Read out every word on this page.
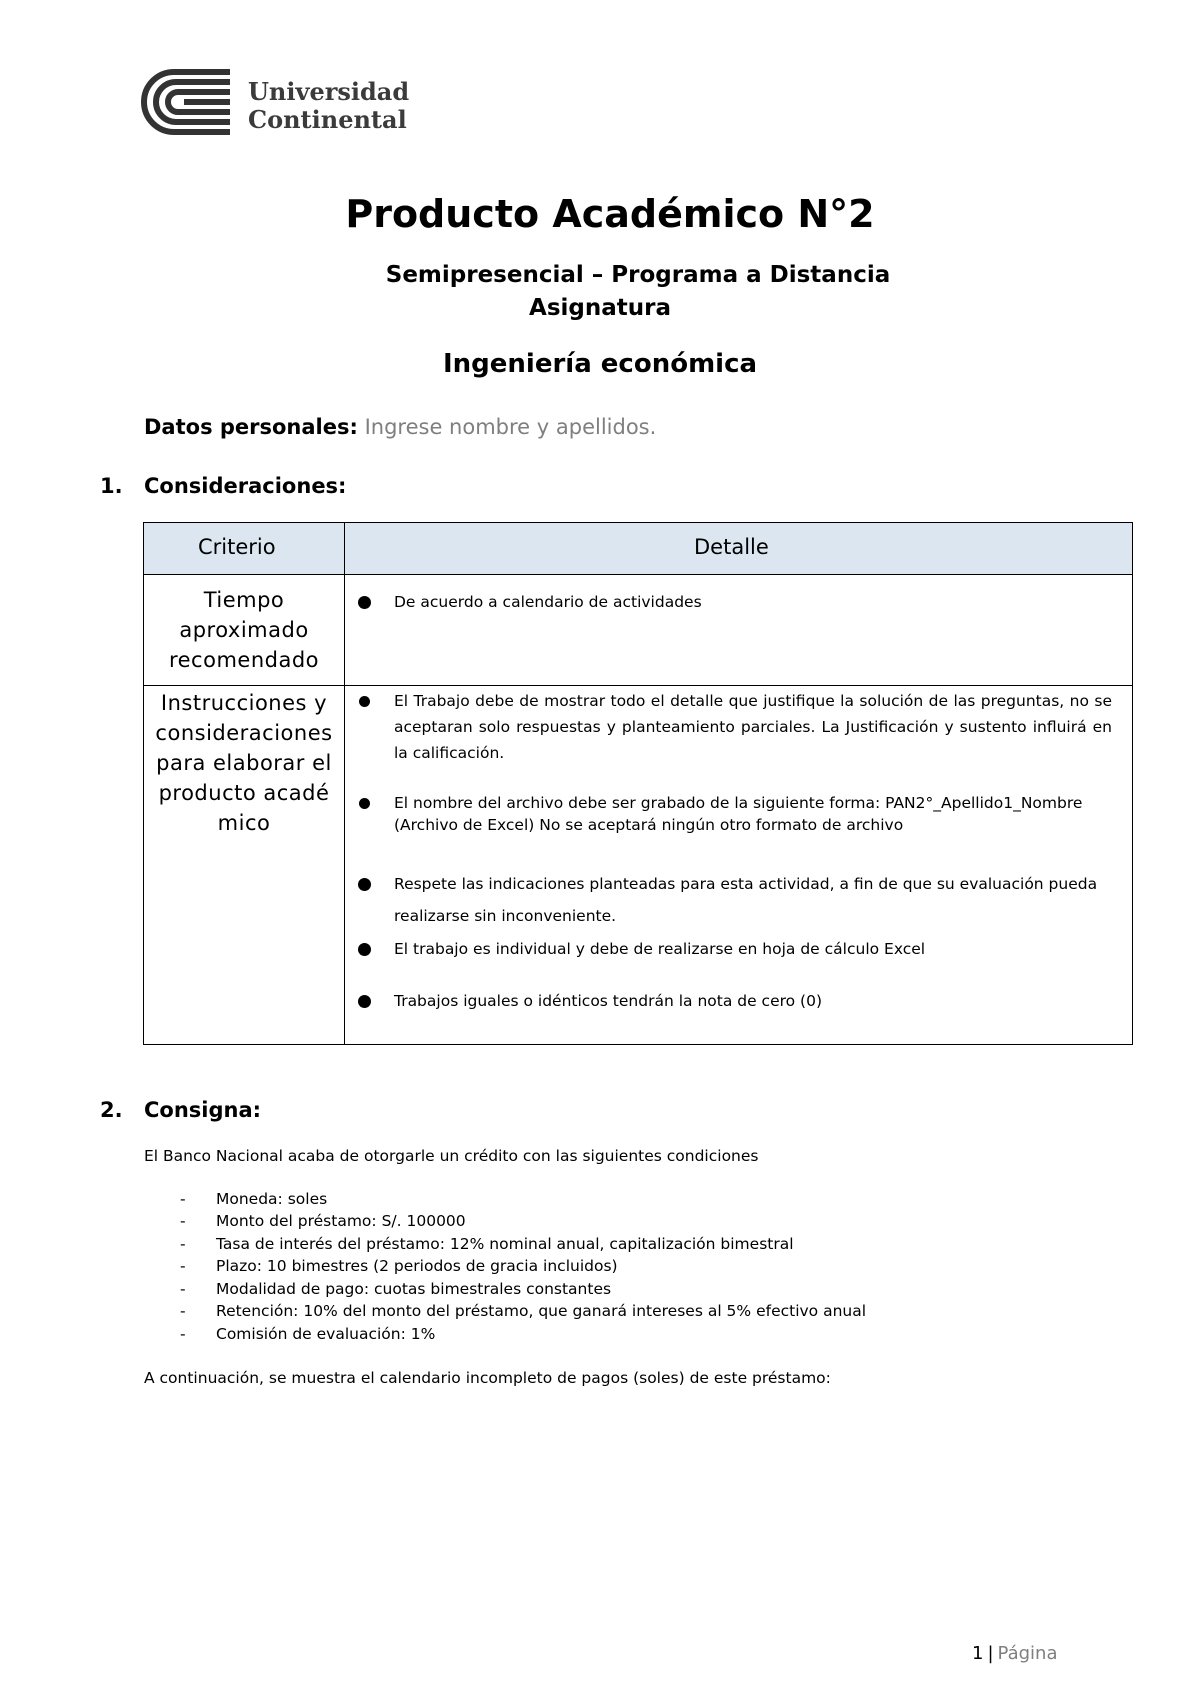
Universidad
Continental
Producto Académico N°2
Semipresencial – Programa a Distancia
Asignatura
Ingeniería económica
Datos personales: Ingrese nombre y apellidos.
1. Consideraciones:
Criterio	Detalle
Tiempo aproximado recomendado
De acuerdo a calendario de actividades
Instrucciones y consideraciones para elaborar el producto académico
El Trabajo debe de mostrar todo el detalle que justifique la solución de las preguntas, no se aceptaran solo respuestas y planteamiento parciales. La Justificación y sustento influirá en la calificación.
El nombre del archivo debe ser grabado de la siguiente forma: PAN2°_Apellido1_Nombre (Archivo de Excel) No se aceptará ningún otro formato de archivo
Respete las indicaciones planteadas para esta actividad, a fin de que su evaluación pueda realizarse sin inconveniente.
El trabajo es individual y debe de realizarse en hoja de cálculo Excel
Trabajos iguales o idénticos tendrán la nota de cero (0)
2. Consigna:
El Banco Nacional acaba de otorgarle un crédito con las siguientes condiciones
- Moneda: soles
- Monto del préstamo: S/. 100000
- Tasa de interés del préstamo: 12% nominal anual, capitalización bimestral
- Plazo: 10 bimestres (2 periodos de gracia incluidos)
- Modalidad de pago: cuotas bimestrales constantes
- Retención: 10% del monto del préstamo, que ganará intereses al 5% efectivo anual
- Comisión de evaluación: 1%
A continuación, se muestra el calendario incompleto de pagos (soles) de este préstamo:
1 | Página
